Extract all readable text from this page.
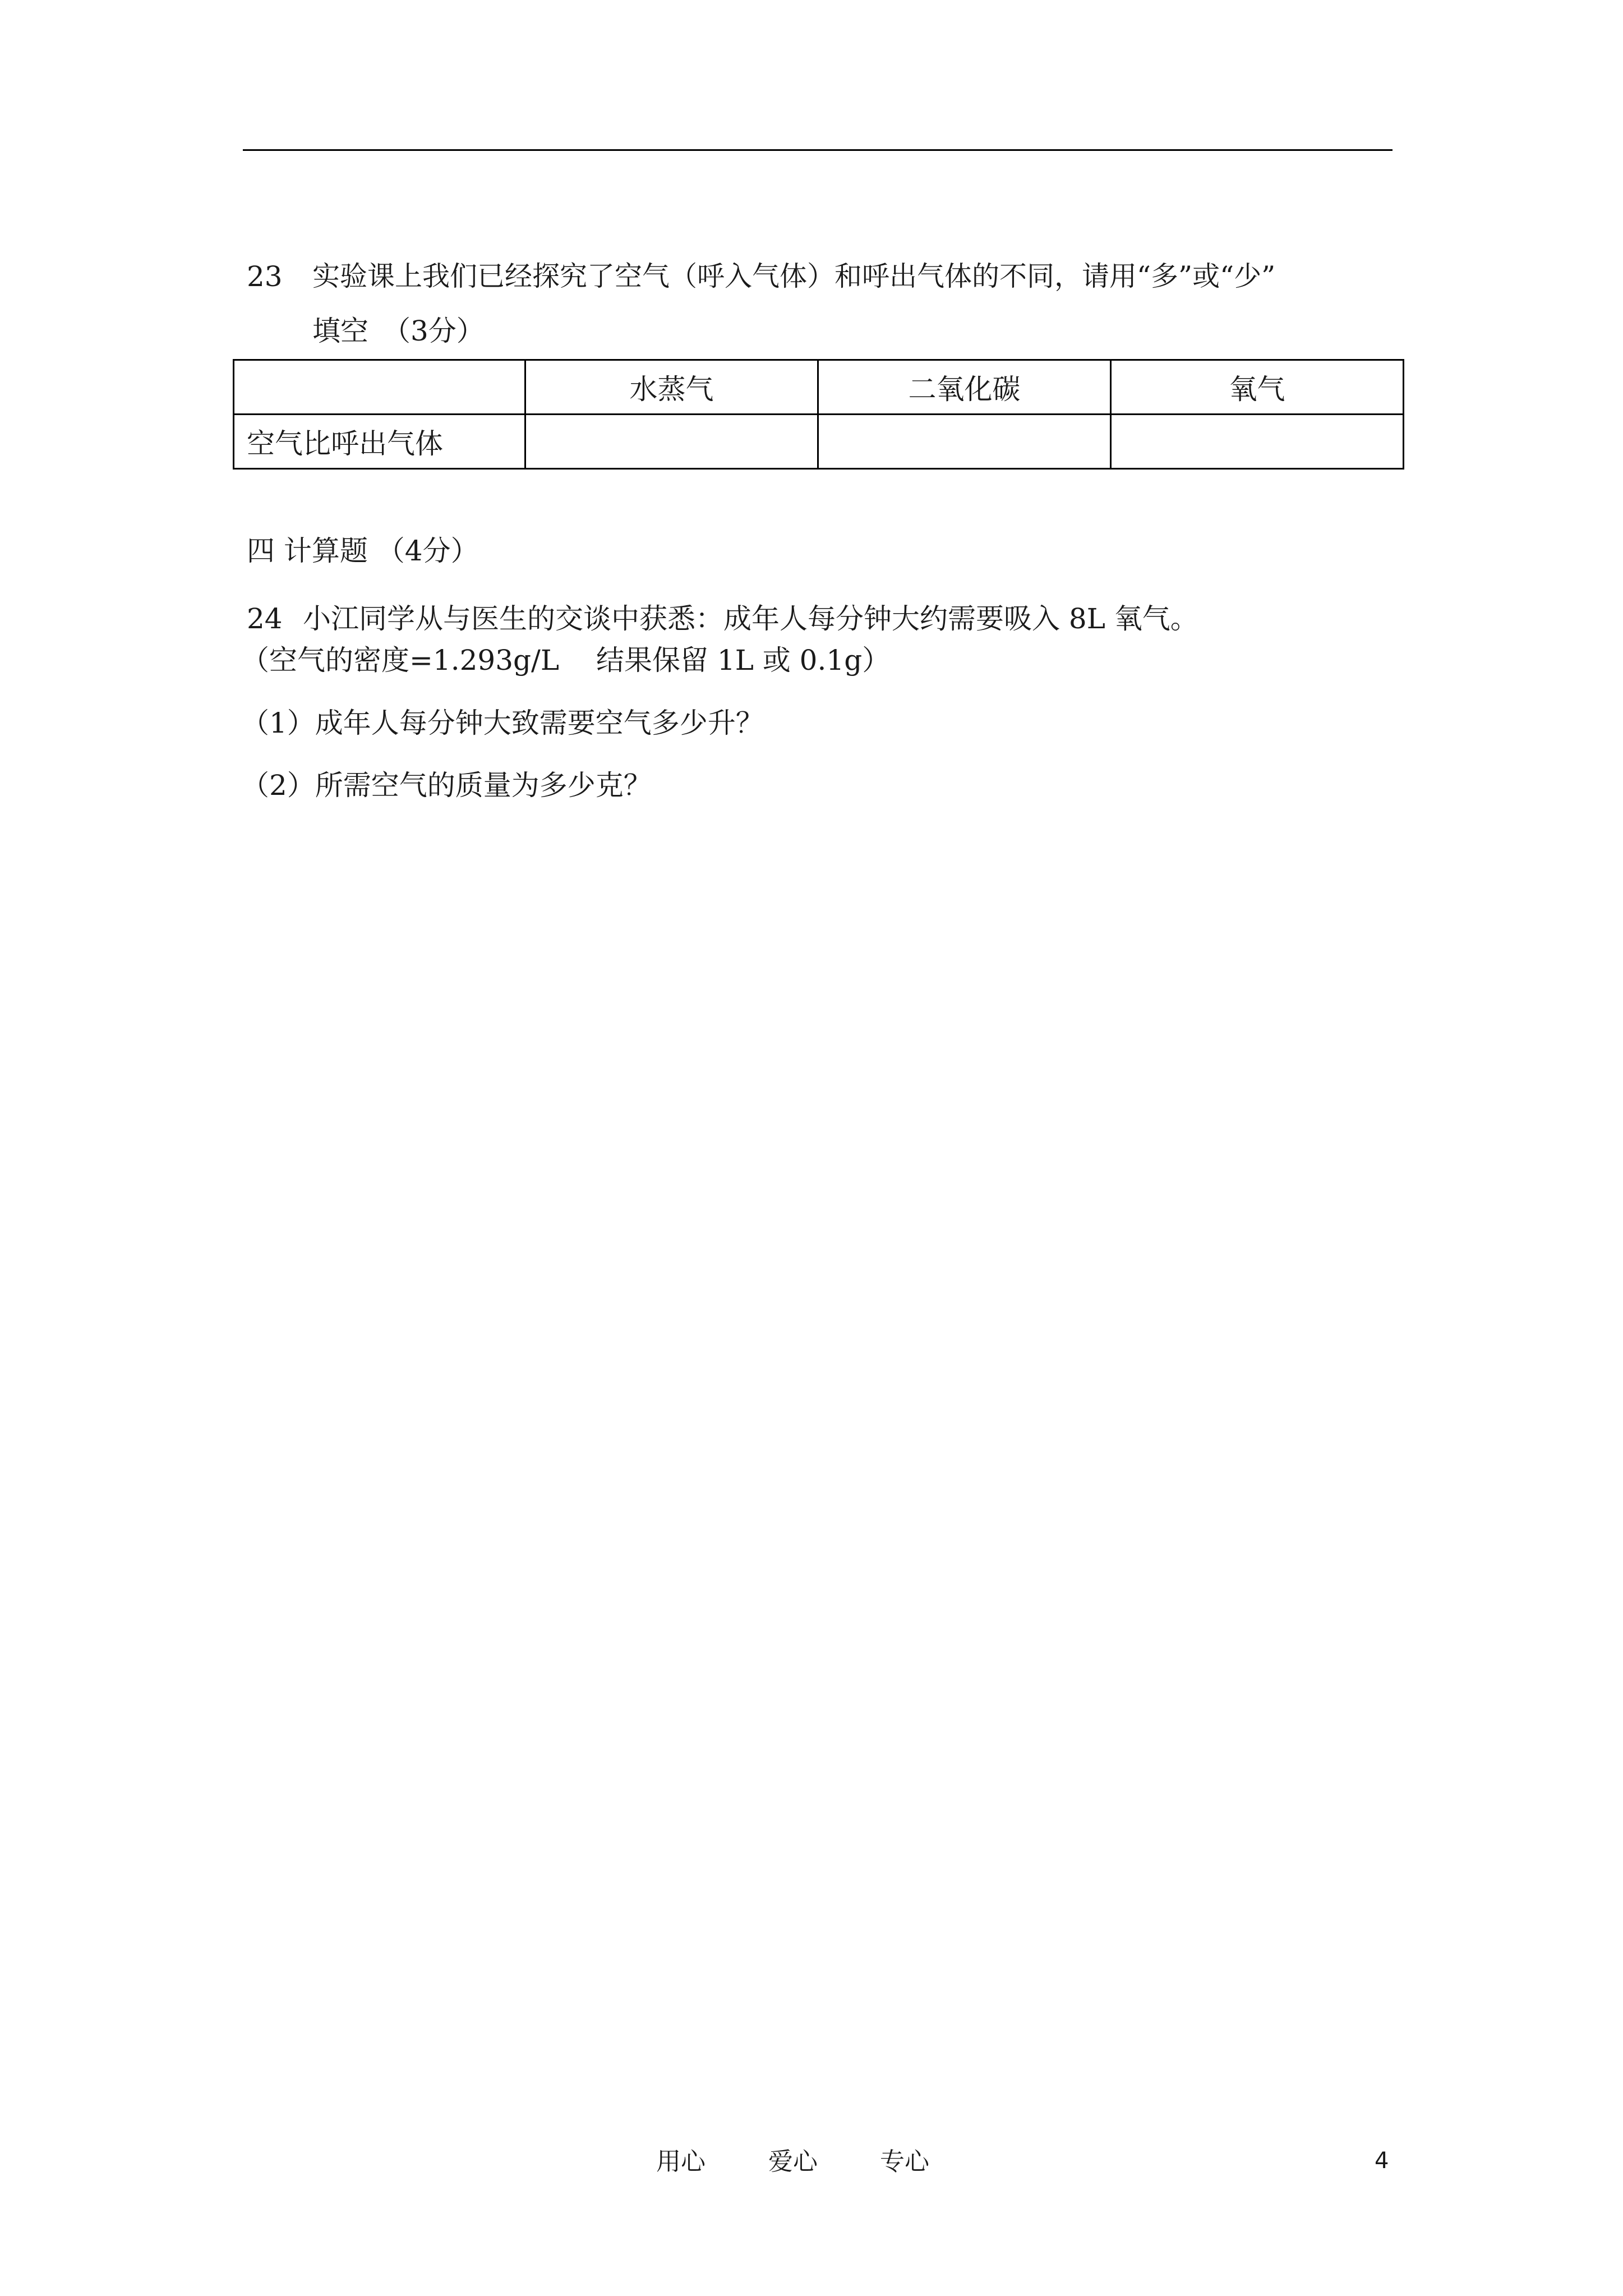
23 实验课上我们已经探究了空气（呼入气体）和呼出气体的不同，请用“多”或“少”
填空　（3分）
	水蒸气	二氧化碳	氧气
空气比呼出气体			
四 计算题 （4分）
24 小江同学从与医生的交谈中获悉：成年人每分钟大约需要吸入 8L 氧气。
（空气的密度=1.293g/L　 结果保留 1L 或 0.1g）
（1）成年人每分钟大致需要空气多少升？
（2）所需空气的质量为多少克？
用心	爱心	专心	4
